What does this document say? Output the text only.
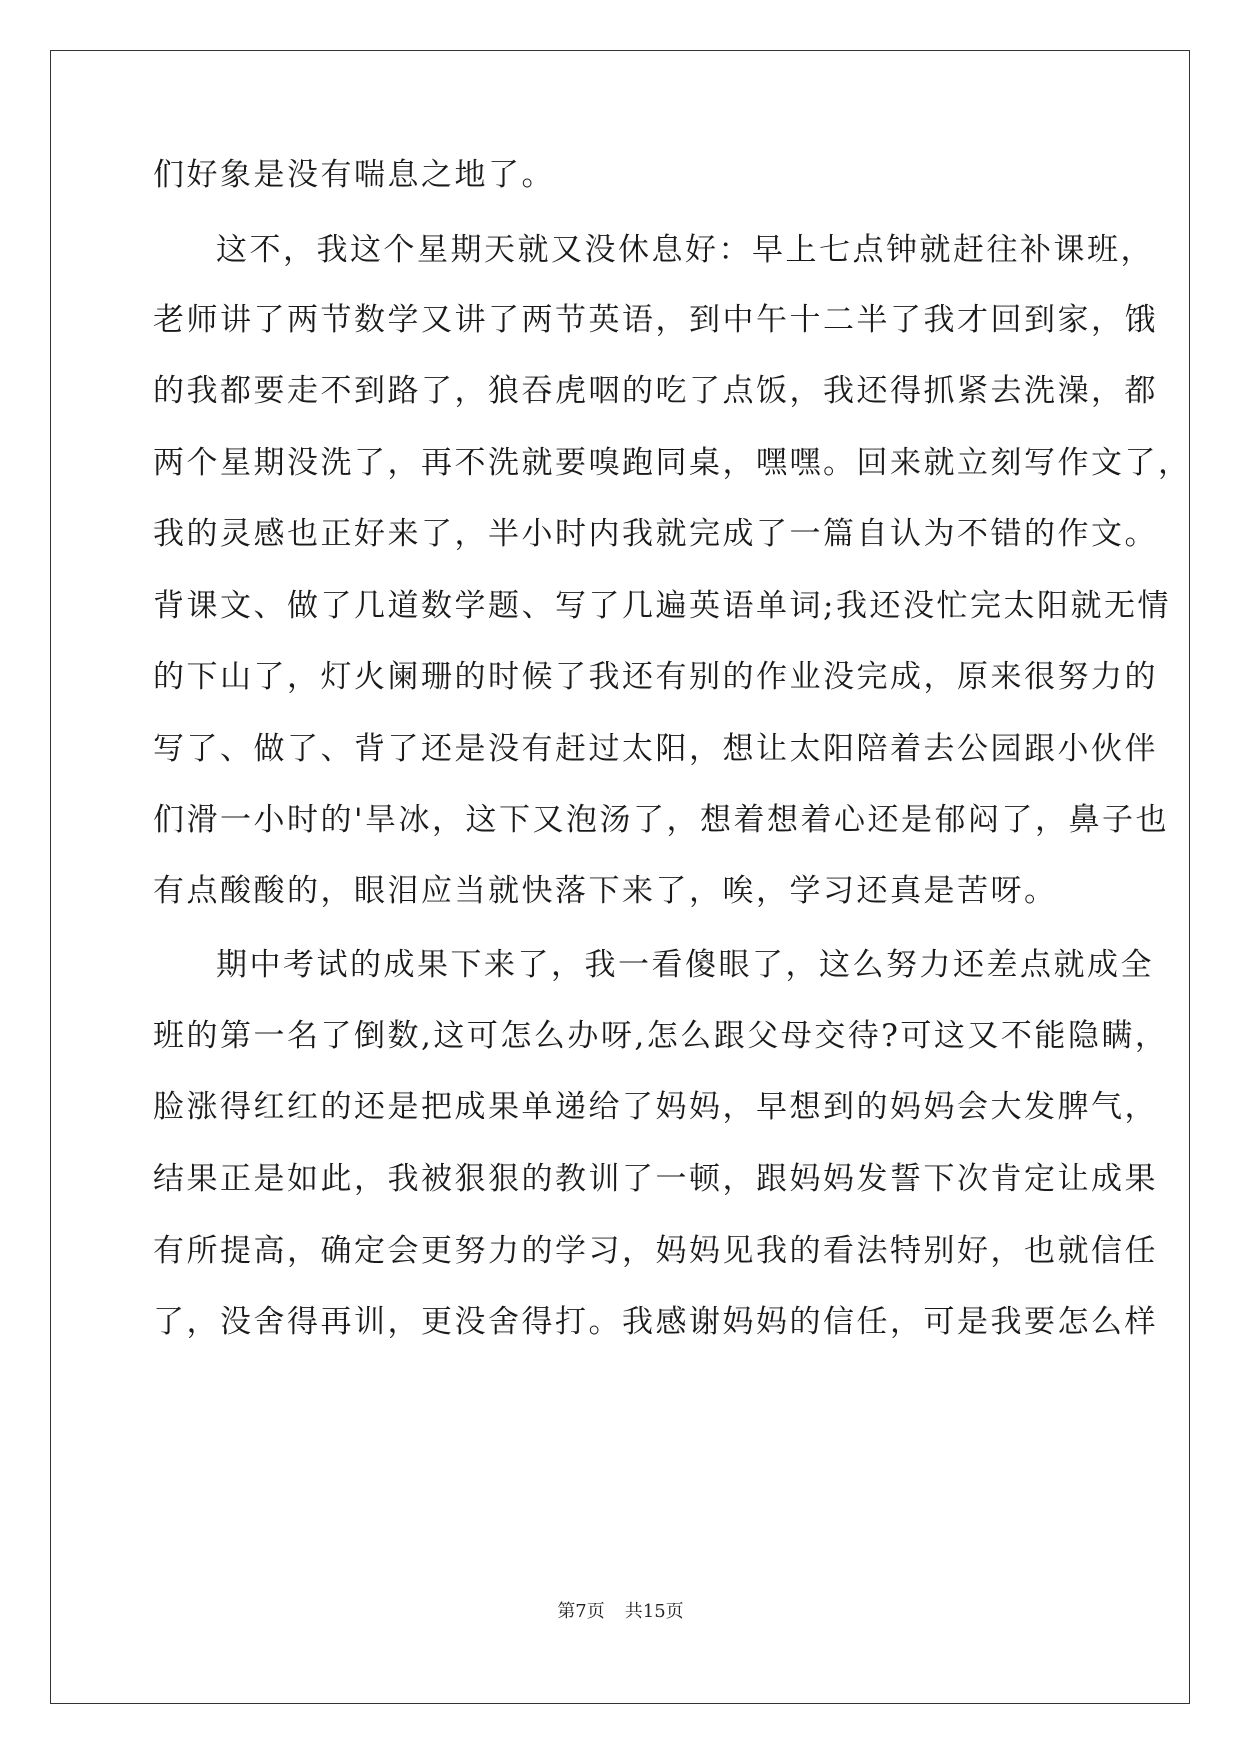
们好象是没有喘息之地了。
这不，我这个星期天就又没休息好：早上七点钟就赶往补课班，
老师讲了两节数学又讲了两节英语，到中午十二半了我才回到家，饿
的我都要走不到路了，狼吞虎咽的吃了点饭，我还得抓紧去洗澡，都
两个星期没洗了，再不洗就要嗅跑同桌，嘿嘿。回来就立刻写作文了，
我的灵感也正好来了，半小时内我就完成了一篇自认为不错的作文。
背课文、做了几道数学题、写了几遍英语单词;我还没忙完太阳就无情
的下山了，灯火阑珊的时候了我还有别的作业没完成，原来很努力的
写了、做了、背了还是没有赶过太阳，想让太阳陪着去公园跟小伙伴
们滑一小时的'旱冰，这下又泡汤了，想着想着心还是郁闷了，鼻子也
有点酸酸的，眼泪应当就快落下来了，唉，学习还真是苦呀。
期中考试的成果下来了，我一看傻眼了，这么努力还差点就成全
班的第一名了倒数,这可怎么办呀,怎么跟父母交待?可这又不能隐瞒，
脸涨得红红的还是把成果单递给了妈妈，早想到的妈妈会大发脾气，
结果正是如此，我被狠狠的教训了一顿，跟妈妈发誓下次肯定让成果
有所提高，确定会更努力的学习，妈妈见我的看法特别好，也就信任
了，没舍得再训，更没舍得打。我感谢妈妈的信任，可是我要怎么样
第7页 共15页
